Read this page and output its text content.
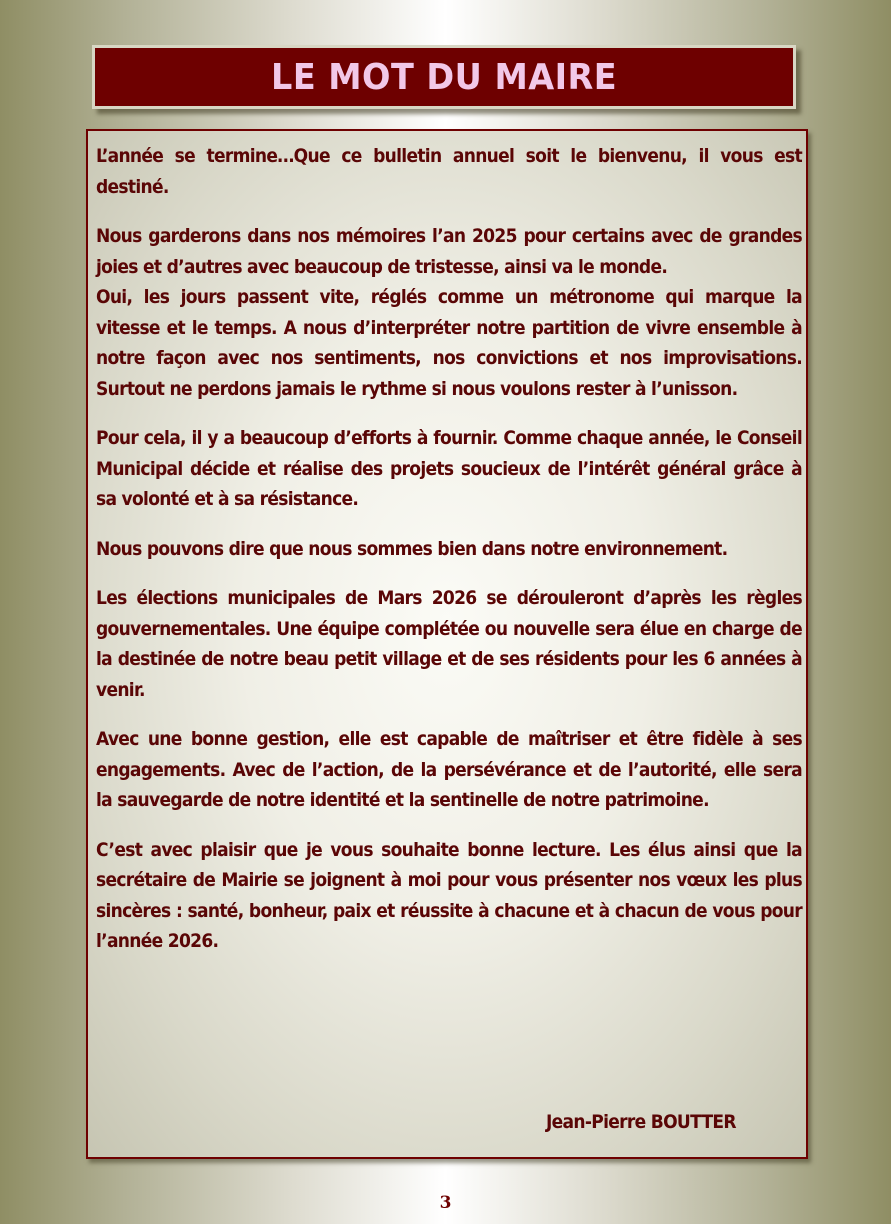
LE MOT DU MAIRE

L’année se termine…Que ce bulletin annuel soit le bienvenu, il vous est destiné.

Nous garderons dans nos mémoires l’an 2025 pour certains avec de grandes joies et d’autres avec beaucoup de tristesse, ainsi va le monde.

Oui, les jours passent vite, réglés comme un métronome qui marque la vitesse et le temps. A nous d’interpréter notre partition de vivre ensemble à notre façon avec nos sentiments, nos convictions et nos improvisations. Surtout ne perdons jamais le rythme si nous voulons rester à l’unisson.

Pour cela, il y a beaucoup d’efforts à fournir. Comme chaque année, le Conseil Municipal décide et réalise des projets soucieux de l’intérêt général grâce à sa volonté et à sa résistance.

Nous pouvons dire que nous sommes bien dans notre environnement.

Les élections municipales de Mars 2026 se dérouleront d’après les règles gouvernementales. Une équipe complétée ou nouvelle sera élue en charge de la destinée de notre beau petit village et de ses résidents pour les 6 années à venir.

Avec une bonne gestion, elle est capable de maîtriser et être fidèle à ses engagements. Avec de l’action, de la persévérance et de l’autorité, elle sera la sauvegarde de notre identité et la sentinelle de notre patrimoine.

C’est avec plaisir que je vous souhaite bonne lecture. Les élus ainsi que la secrétaire de Mairie se joignent à moi pour vous présenter nos vœux les plus sincères : santé, bonheur, paix et réussite à chacune et à chacun de vous pour l’année 2026.

Jean-Pierre BOUTTER
3
